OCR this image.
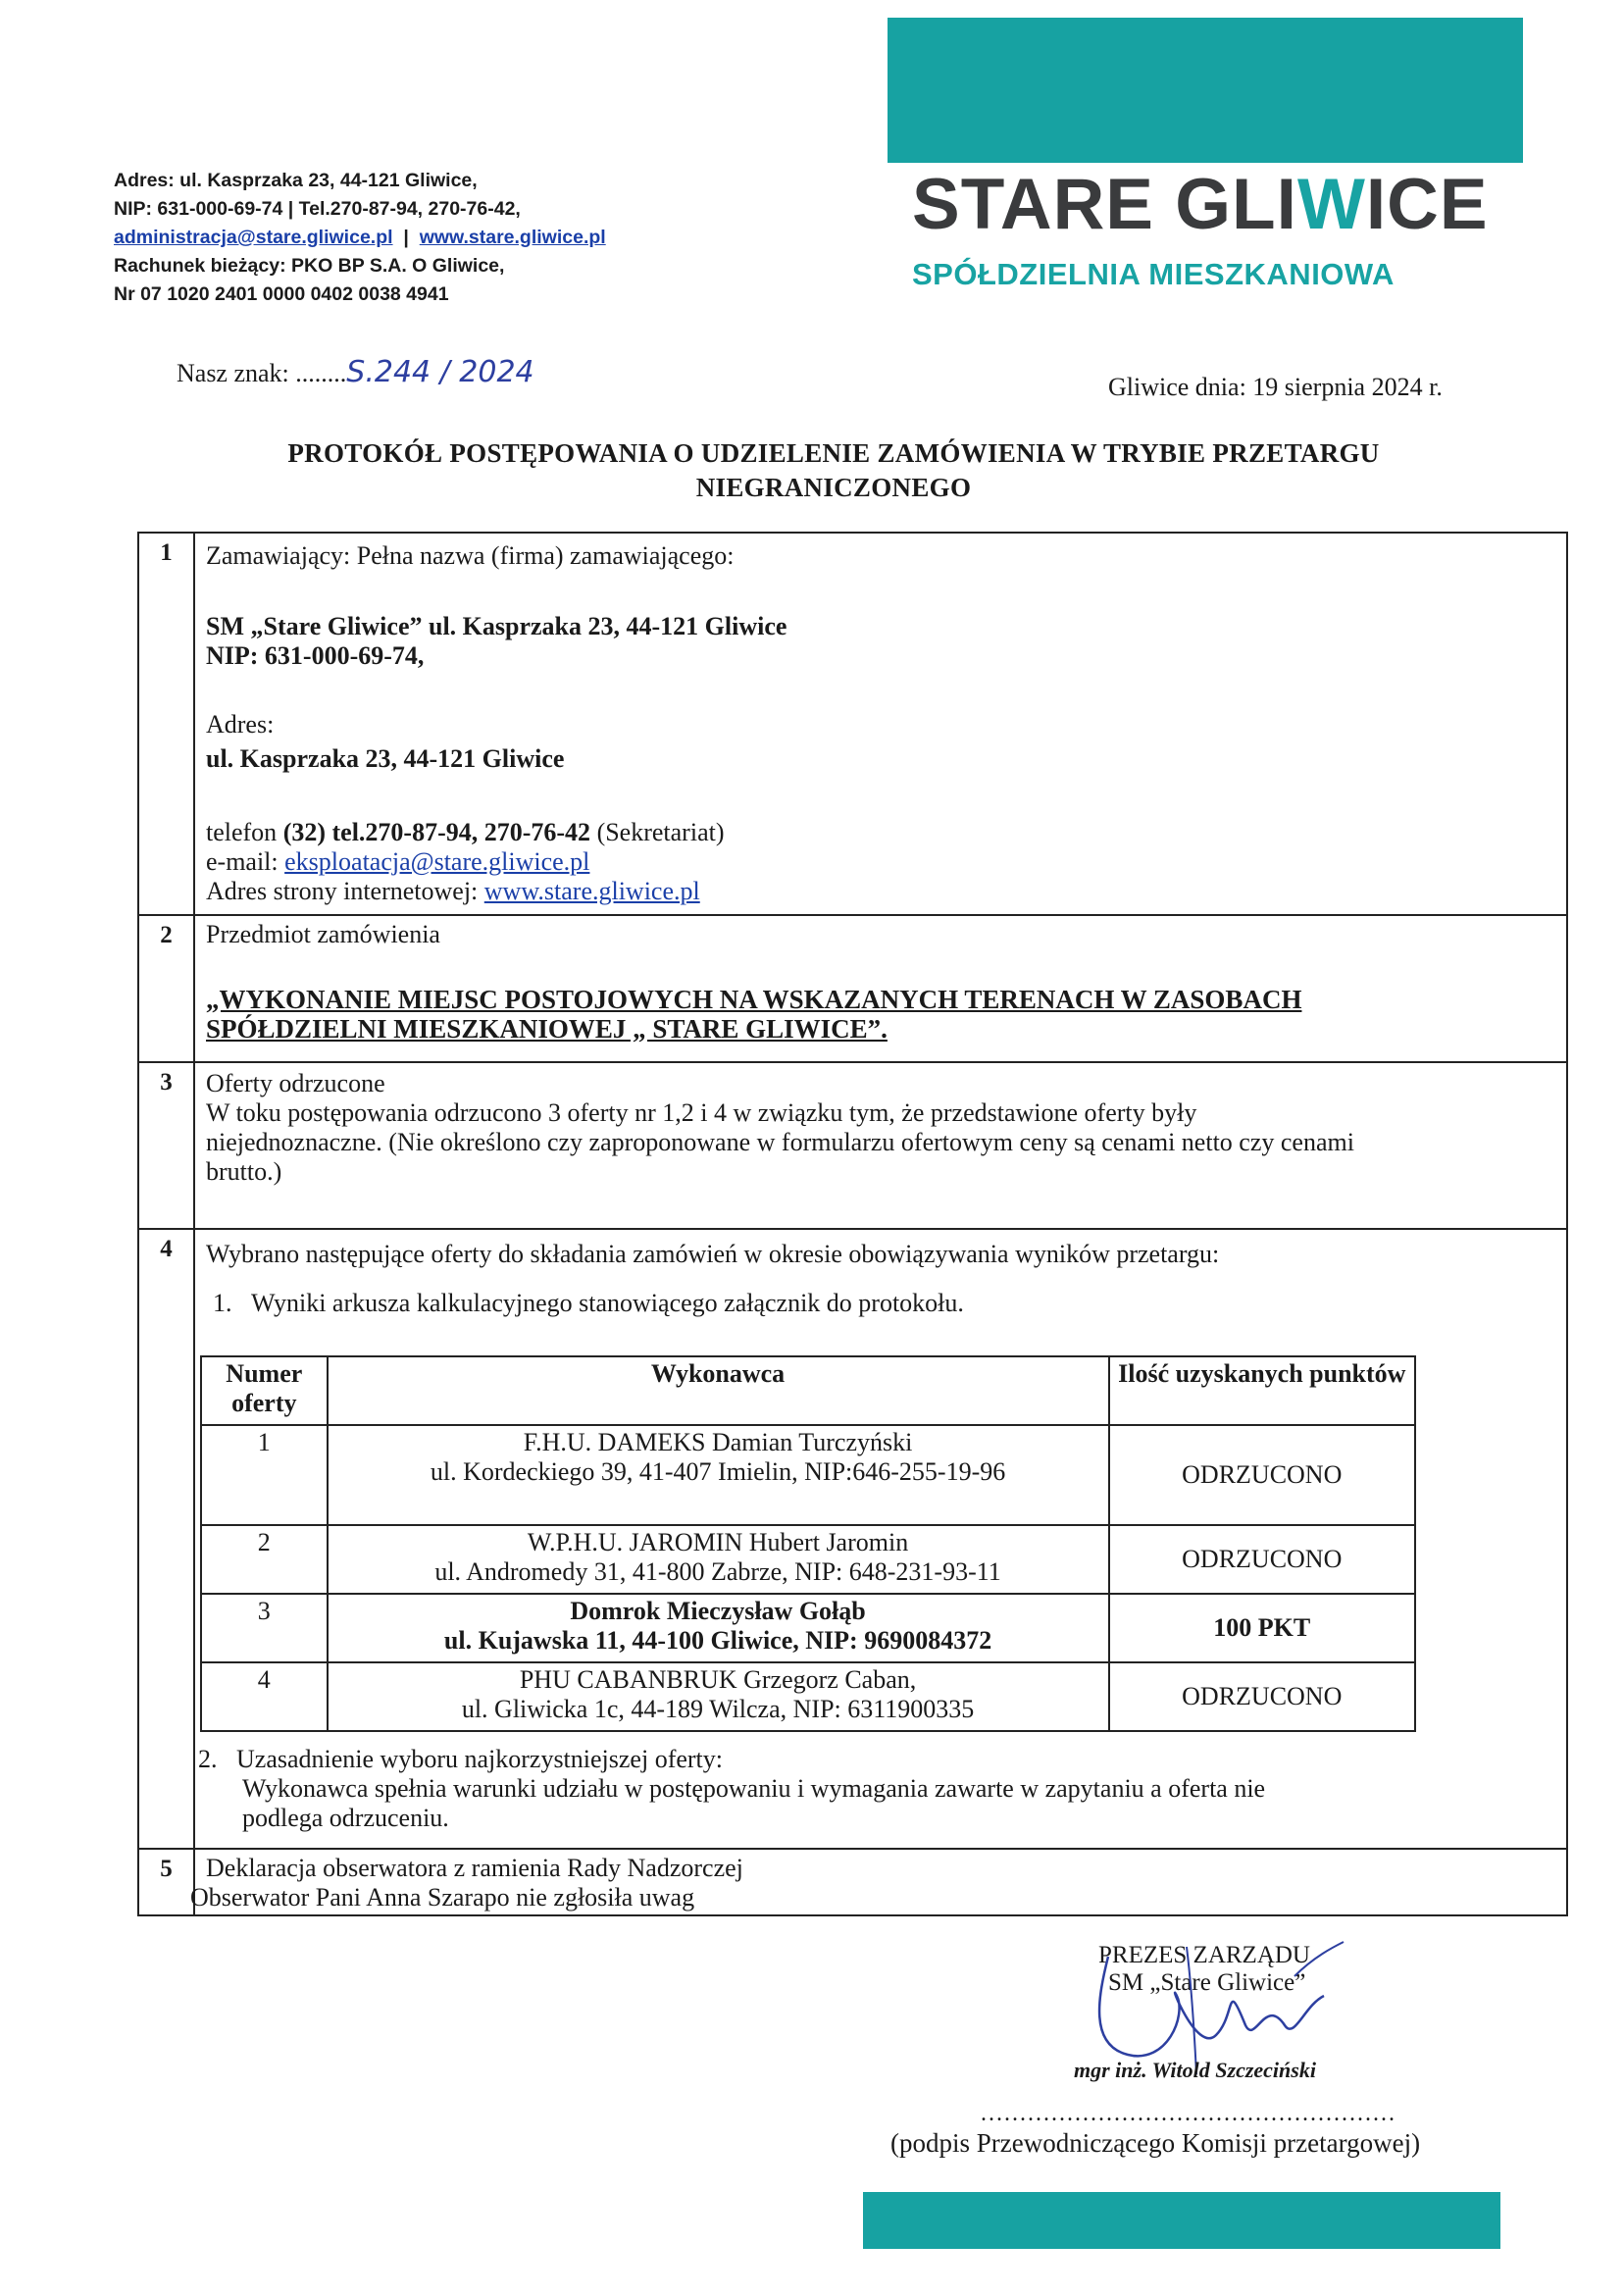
Adres: ul. Kasprzaka 23, 44-121 Gliwice,
NIP: 631-000-69-74 | Tel.270-87-94, 270-76-42,
administracja@stare.gliwice.pl | www.stare.gliwice.pl
Rachunek bieżący: PKO BP S.A. O Gliwice,
Nr 07 1020 2401 0000 0402 0038 4941
STARE GLIWICE
SPÓŁDZIELNIA MIESZKANIOWA
Nasz znak: ........S.244 / 2024	Gliwice dnia: 19 sierpnia 2024 r.
PROTOKÓŁ POSTĘPOWANIA O UDZIELENIE ZAMÓWIENIA W TRYBIE PRZETARGU
NIEGRANICZONEGO
1	Zamawiający: Pełna nazwa (firma) zamawiającego:
SM „Stare Gliwice” ul. Kasprzaka 23, 44-121 Gliwice
NIP: 631-000-69-74,
Adres:
ul. Kasprzaka 23, 44-121 Gliwice
telefon (32) tel.270-87-94, 270-76-42 (Sekretariat)
e-mail: eksploatacja@stare.gliwice.pl
Adres strony internetowej: www.stare.gliwice.pl
2	Przedmiot zamówienia
„WYKONANIE MIEJSC POSTOJOWYCH NA WSKAZANYCH TERENACH W ZASOBACH
SPÓŁDZIELNI MIESZKANIOWEJ „ STARE GLIWICE”.
3	Oferty odrzucone
W toku postępowania odrzucono 3 oferty nr 1,2 i 4 w związku tym, że przedstawione oferty były
niejednoznaczne. (Nie określono czy zaproponowane w formularzu ofertowym ceny są cenami netto czy cenami
brutto.)
4	Wybrano następujące oferty do składania zamówień w okresie obowiązywania wyników przetargu:
1. Wyniki arkusza kalkulacyjnego stanowiącego załącznik do protokołu.
Numer oferty	Wykonawca	Ilość uzyskanych punktów
1	F.H.U. DAMEKS Damian Turczyński
ul. Kordeckiego 39, 41-407 Imielin, NIP:646-255-19-96	ODRZUCONO
2	W.P.H.U. JAROMIN Hubert Jaromin
ul. Andromedy 31, 41-800 Zabrze, NIP: 648-231-93-11	ODRZUCONO
3	Domrok Mieczysław Gołąb
ul. Kujawska 11, 44-100 Gliwice, NIP: 9690084372	100 PKT
4	PHU CABANBRUK Grzegorz Caban,
ul. Gliwicka 1c, 44-189 Wilcza, NIP: 6311900335	ODRZUCONO
2. Uzasadnienie wyboru najkorzystniejszej oferty:
Wykonawca spełnia warunki udziału w postępowaniu i wymagania zawarte w zapytaniu a oferta nie
podlega odrzuceniu.
5	Deklaracja obserwatora z ramienia Rady Nadzorczej
Obserwator Pani Anna Szarapo nie zgłosiła uwag
PREZES ZARZĄDU
SM „Stare Gliwice”
mgr inż. Witold Szczeciński
.....................................................
(podpis Przewodniczącego Komisji przetargowej)
